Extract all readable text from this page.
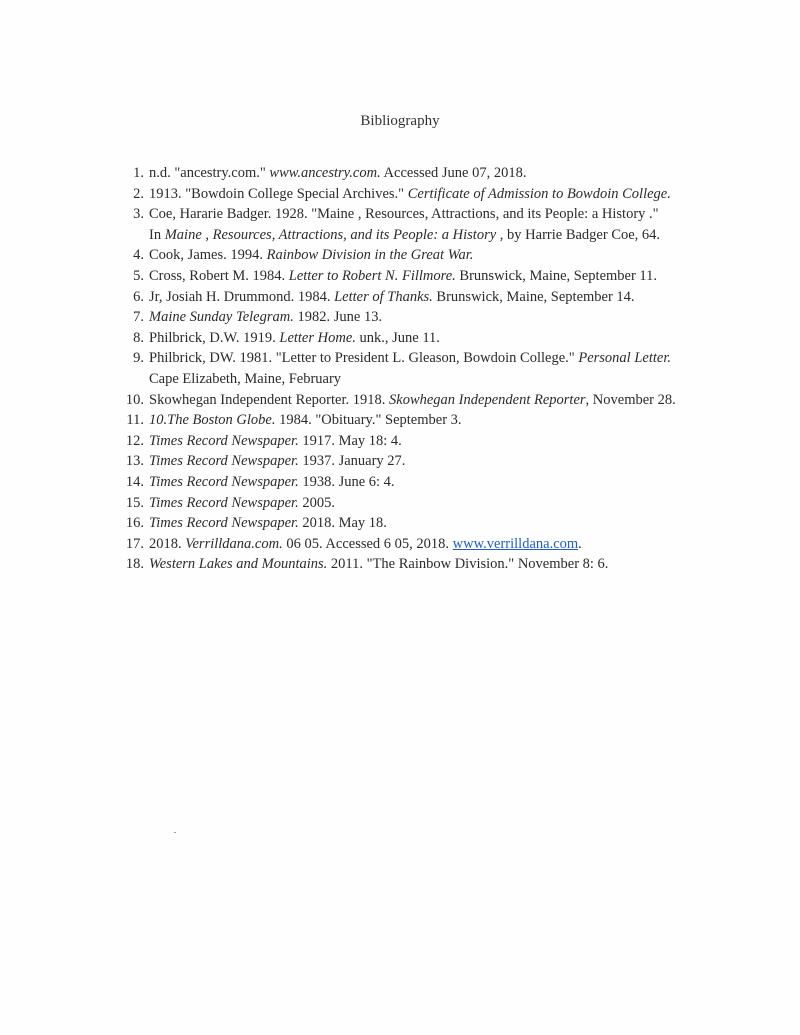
Bibliography
1. n.d. "ancestry.com." www.ancestry.com. Accessed June 07, 2018.
2. 1913. "Bowdoin College Special Archives." Certificate of Admission to Bowdoin College.
3. Coe, Hararie Badger. 1928. "Maine , Resources, Attractions, and its People: a History ."
In Maine , Resources, Attractions, and its People: a History , by Harrie Badger Coe, 64.
4. Cook, James. 1994. Rainbow Division in the Great War.
5. Cross, Robert M. 1984. Letter to Robert N. Fillmore. Brunswick, Maine, September 11.
6. Jr, Josiah H. Drummond. 1984. Letter of Thanks. Brunswick, Maine, September 14.
7. Maine Sunday Telegram. 1982. June 13.
8. Philbrick, D.W. 1919. Letter Home. unk., June 11.
9. Philbrick, DW. 1981. "Letter to President L. Gleason, Bowdoin College." Personal Letter.
Cape Elizabeth, Maine, February
10. Skowhegan Independent Reporter. 1918. Skowhegan Independent Reporter, November 28.
11. 10.The Boston Globe. 1984. "Obituary." September 3.
12. Times Record Newspaper. 1917. May 18: 4.
13. Times Record Newspaper. 1937. January 27.
14. Times Record Newspaper. 1938. June 6: 4.
15. Times Record Newspaper. 2005.
16. Times Record Newspaper. 2018. May 18.
17. 2018. Verrilldana.com. 06 05. Accessed 6 05, 2018. www.verrilldana.com.
18. Western Lakes and Mountains. 2011. "The Rainbow Division." November 8: 6.
